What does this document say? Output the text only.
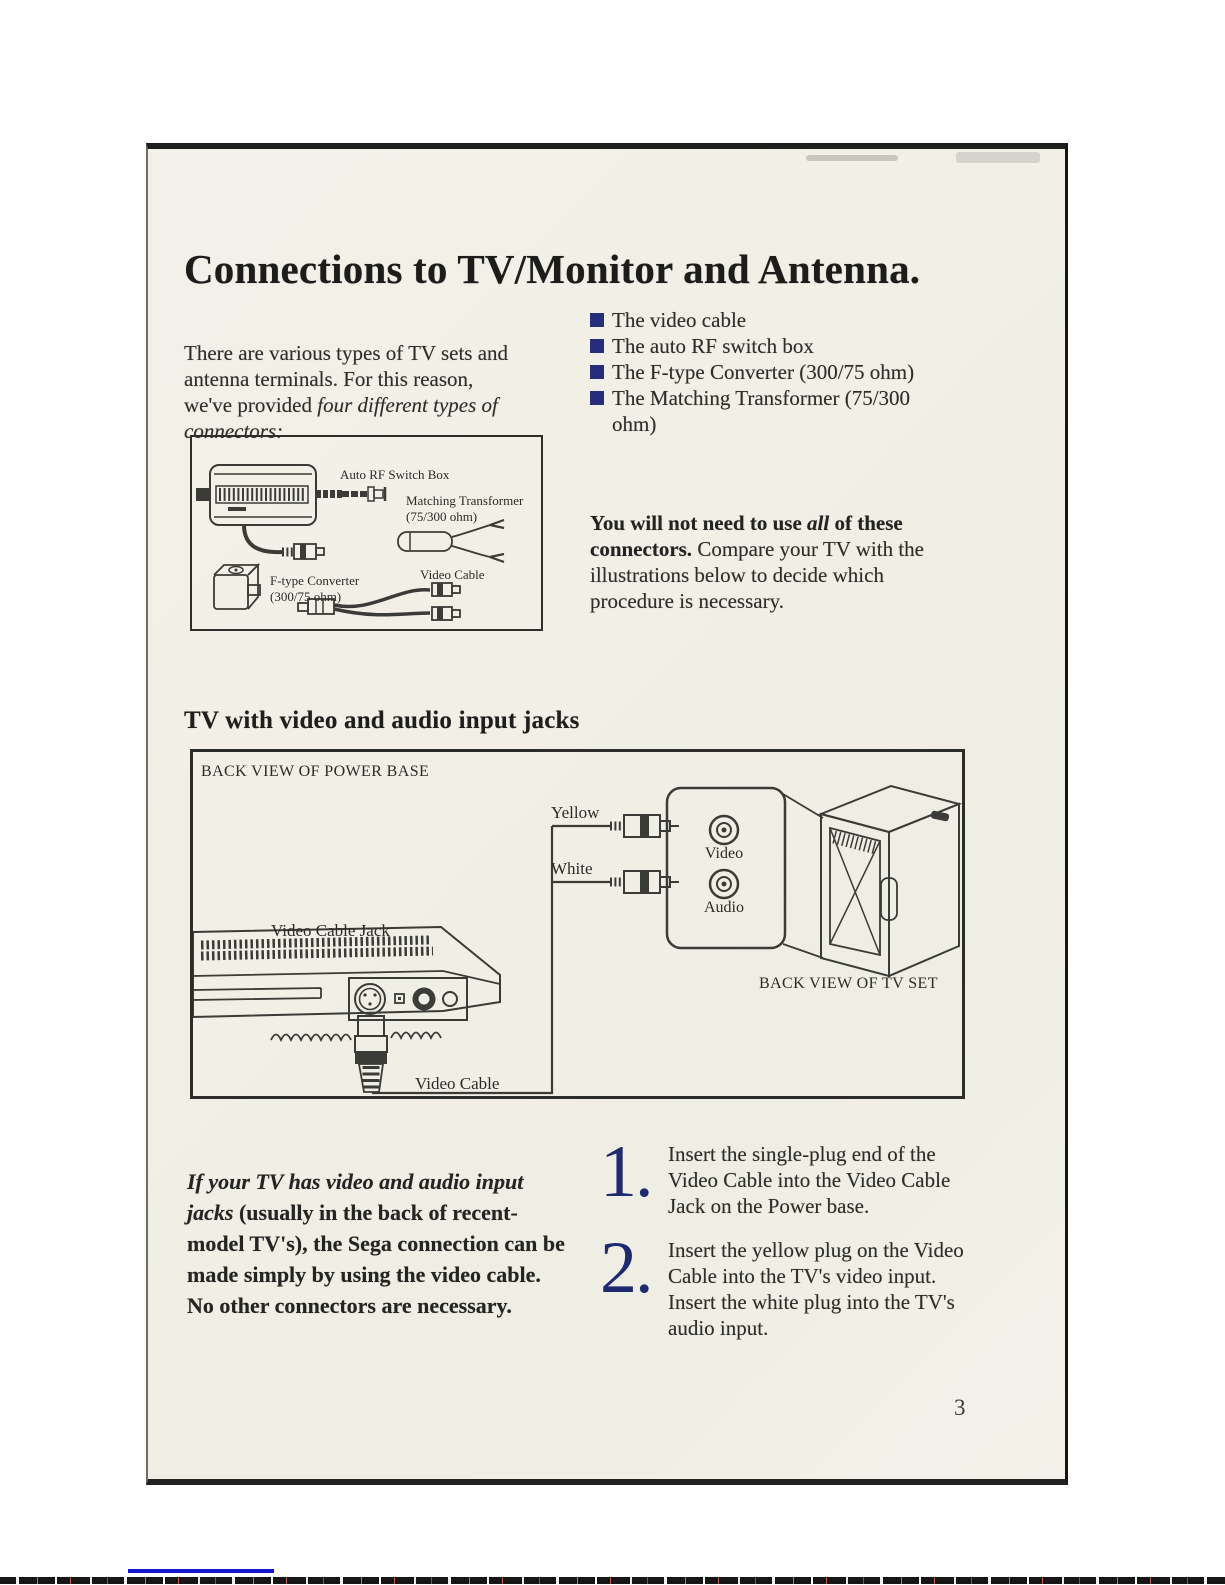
Connections to TV/Monitor and Antenna.

There are various types of TV sets and antenna terminals. For this reason, we've provided four different types of connectors:

The video cable
The auto RF switch box
The F-type Converter (300/75 ohm)
The Matching Transformer (75/300 ohm)

You will not need to use all of these connectors. Compare your TV with the illustrations below to decide which procedure is necessary.

Auto RF Switch Box
Matching Transformer
(75/300 ohm)
F-type Converter
(300/75 ohm)
Video Cable
TV with video and audio input jacks
BACK VIEW OF POWER BASE
Yellow
White
Video
Audio
Video Cable Jack
BACK VIEW OF TV SET
Video Cable

If your TV has video and audio input jacks (usually in the back of recent-model TV's), the Sega connection can be made simply by using the video cable. No other connectors are necessary.

1. Insert the single-plug end of the Video Cable into the Video Cable Jack on the Power base.
2. Insert the yellow plug on the Video Cable into the TV's video input. Insert the white plug into the TV's audio input.
3
